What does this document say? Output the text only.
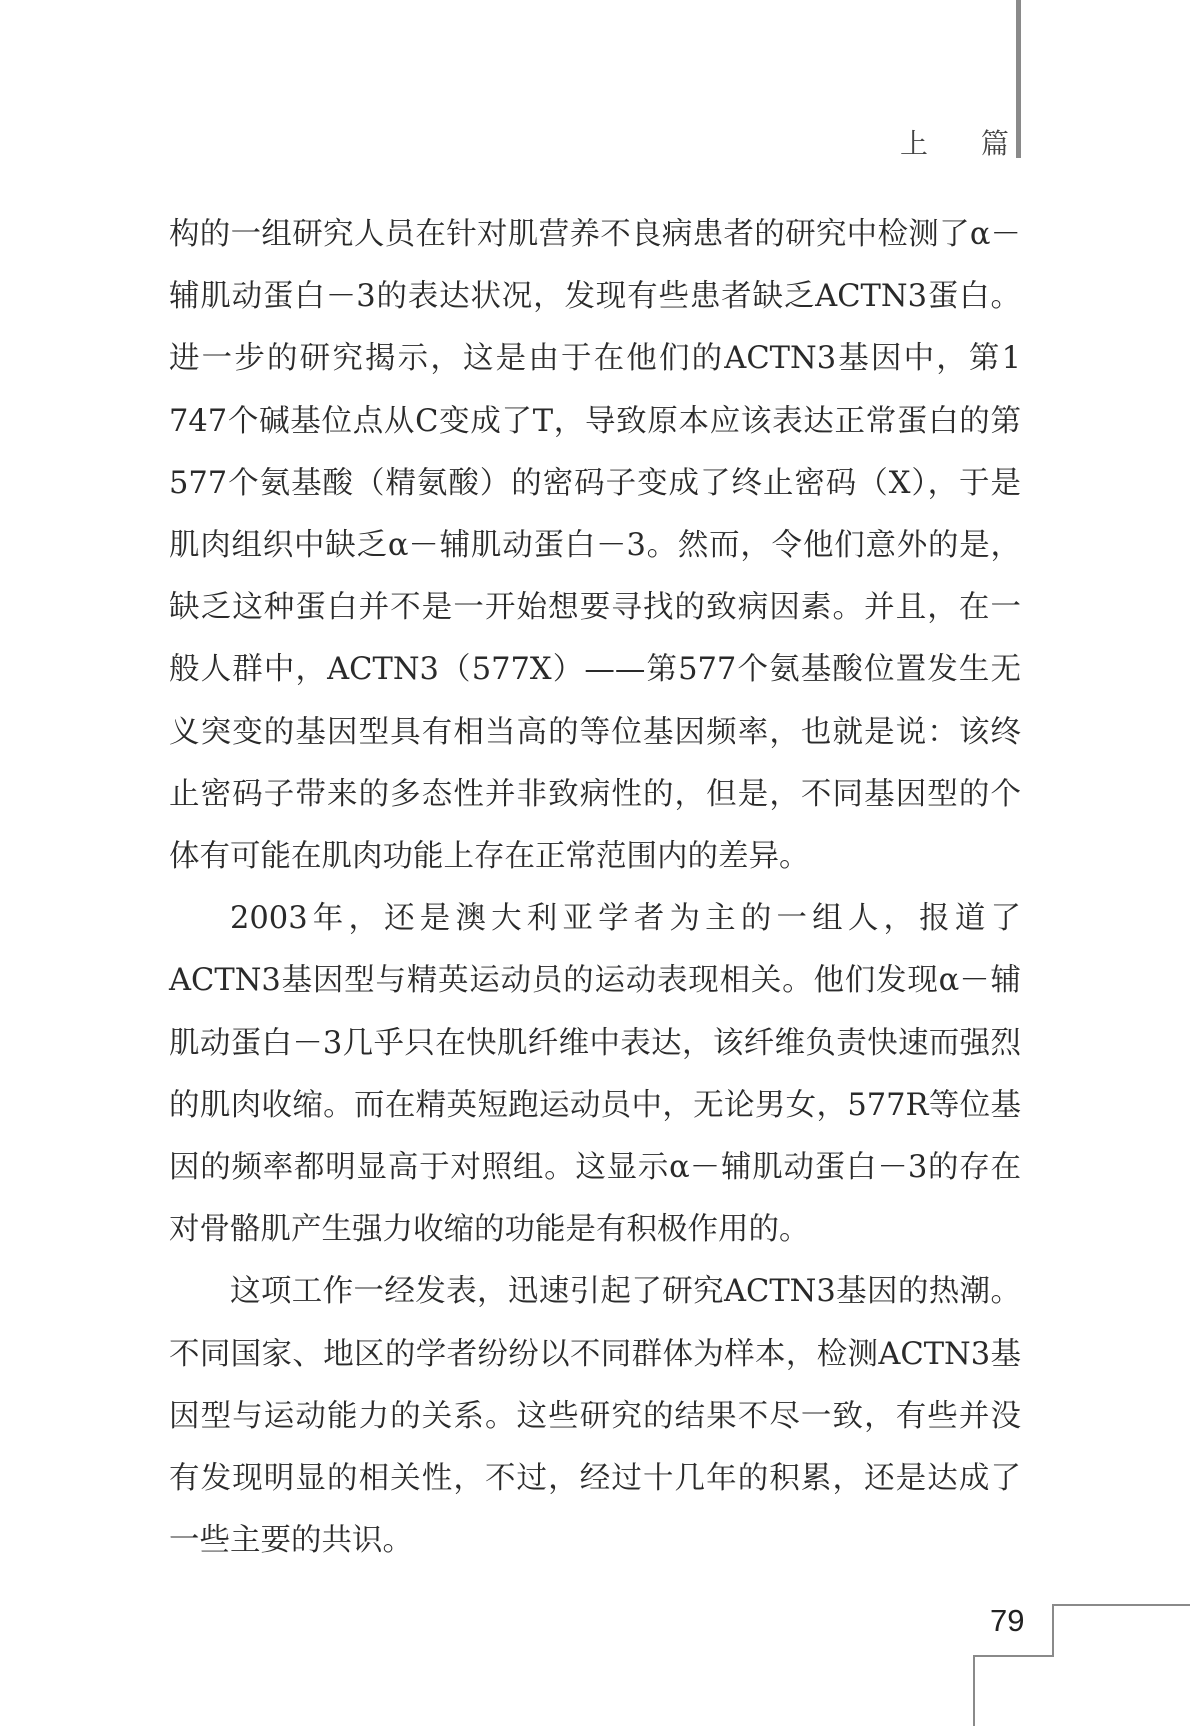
上 篇

构的一组研究人员在针对肌营养不良病患者的研究中检测了α－辅肌动蛋白－3的表达状况，发现有些患者缺乏ACTN3蛋白。进一步的研究揭示，这是由于在他们的ACTN3基因中，第1 747个碱基位点从C变成了T，导致原本应该表达正常蛋白的第577个氨基酸（精氨酸）的密码子变成了终止密码（X），于是肌肉组织中缺乏α－辅肌动蛋白－3。然而，令他们意外的是，缺乏这种蛋白并不是一开始想要寻找的致病因素。并且，在一般人群中，ACTN3（577X）——第577个氨基酸位置发生无义突变的基因型具有相当高的等位基因频率，也就是说：该终止密码子带来的多态性并非致病性的，但是，不同基因型的个体有可能在肌肉功能上存在正常范围内的差异。

2003年，还是澳大利亚学者为主的一组人，报道了ACTN3基因型与精英运动员的运动表现相关。他们发现α－辅肌动蛋白－3几乎只在快肌纤维中表达，该纤维负责快速而强烈的肌肉收缩。而在精英短跑运动员中，无论男女，577R等位基因的频率都明显高于对照组。这显示α－辅肌动蛋白－3的存在对骨骼肌产生强力收缩的功能是有积极作用的。

这项工作一经发表，迅速引起了研究ACTN3基因的热潮。不同国家、地区的学者纷纷以不同群体为样本，检测ACTN3基因型与运动能力的关系。这些研究的结果不尽一致，有些并没有发现明显的相关性，不过，经过十几年的积累，还是达成了一些主要的共识。

79
